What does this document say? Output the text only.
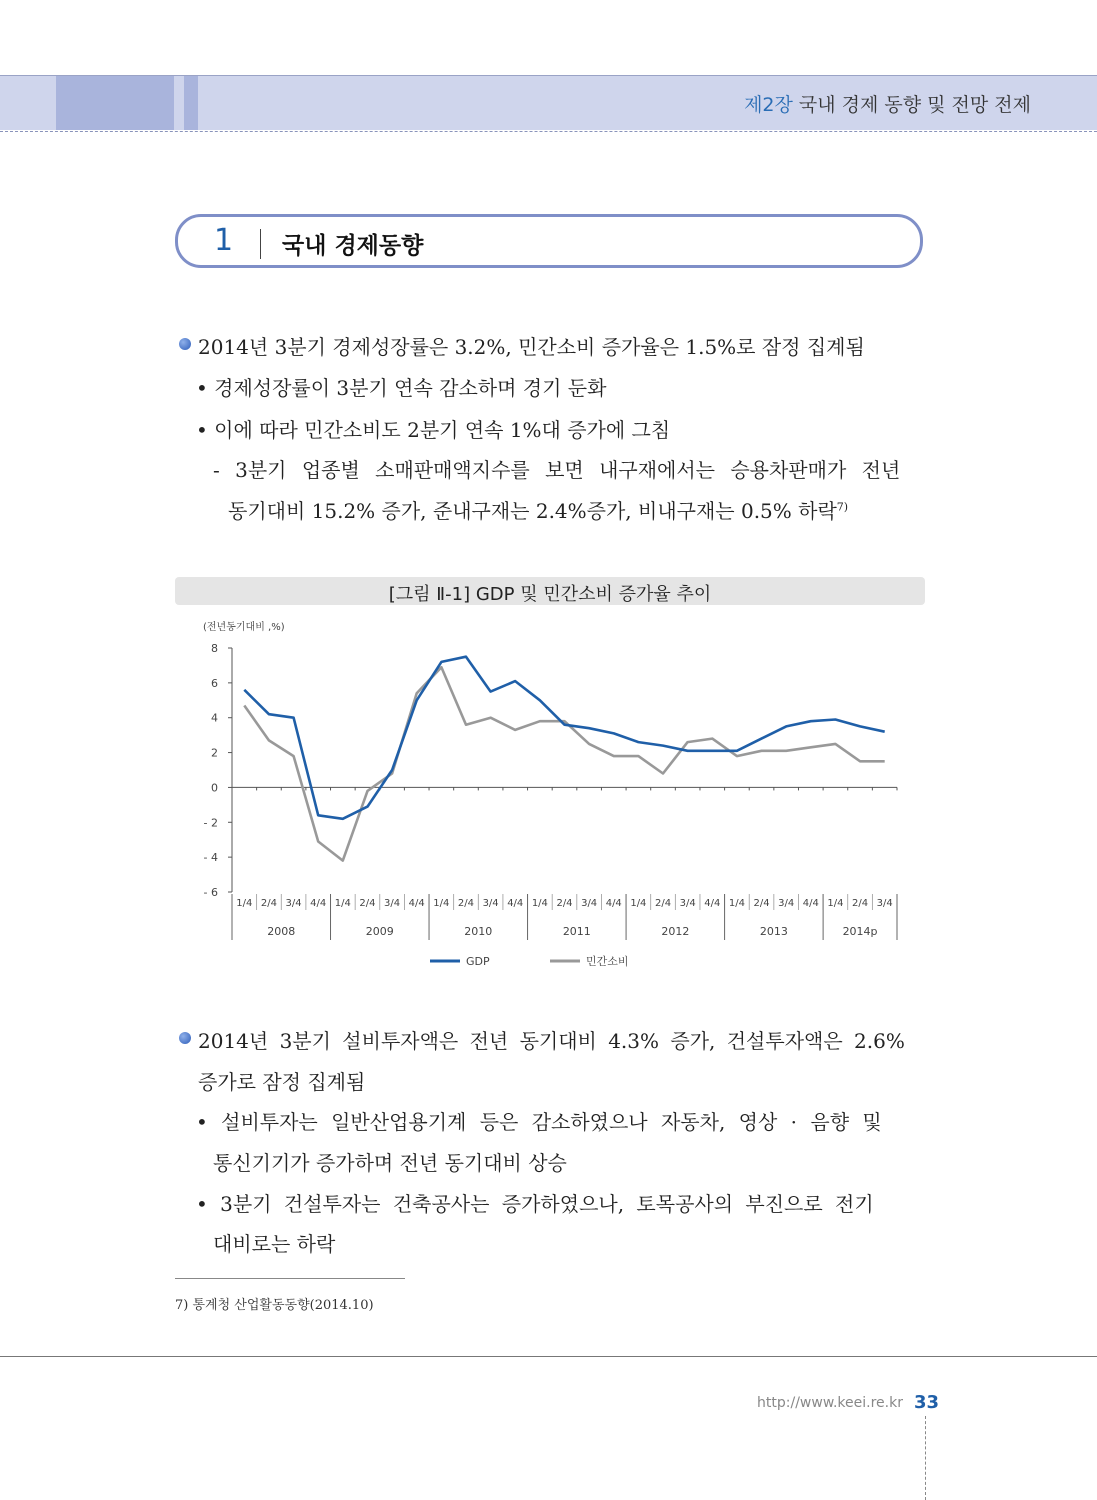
제2장 국내 경제 동향 및 전망 전제
1 국내 경제동향
2014년 3분기 경제성장률은 3.2%, 민간소비 증가율은 1.5%로 잠정 집계됨
• 경제성장률이 3분기 연속 감소하며 경기 둔화
• 이에 따라 민간소비도 2분기 연속 1%대 증가에 그침
- 3분기 업종별 소매판매액지수를 보면 내구재에서는 승용차판매가 전년
동기대비 15.2% 증가, 준내구재는 2.4%증가, 비내구재는 0.5% 하락$^{7)}$
[그림 Ⅱ-1] GDP 및 민간소비 증가율 추이
(전년동기대비 ,%)
8
6
4
2
0
- 2
- 4
- 6
1/4 2/4 3/4 4/4 1/4 2/4 3/4 4/4 1/4 2/4 3/4 4/4 1/4 2/4 3/4 4/4 1/4 2/4 3/4 4/4 1/4 2/4 3/4 4/4 1/4 2/4 3/4
2008	2009	2010	2011	2012	2013	2014p
GDP	민간소비
2014년 3분기 설비투자액은 전년 동기대비 4.3% 증가, 건설투자액은 2.6%
증가로 잠정 집계됨
• 설비투자는 일반산업용기계 등은 감소하였으나 자동차, 영상 · 음향 및
통신기기가 증가하며 전년 동기대비 상승
• 3분기 건설투자는 건축공사는 증가하였으나, 토목공사의 부진으로 전기
대비로는 하락
7) 통계청 산업활동동향(2014.10)
http://www.keei.re.kr 33
